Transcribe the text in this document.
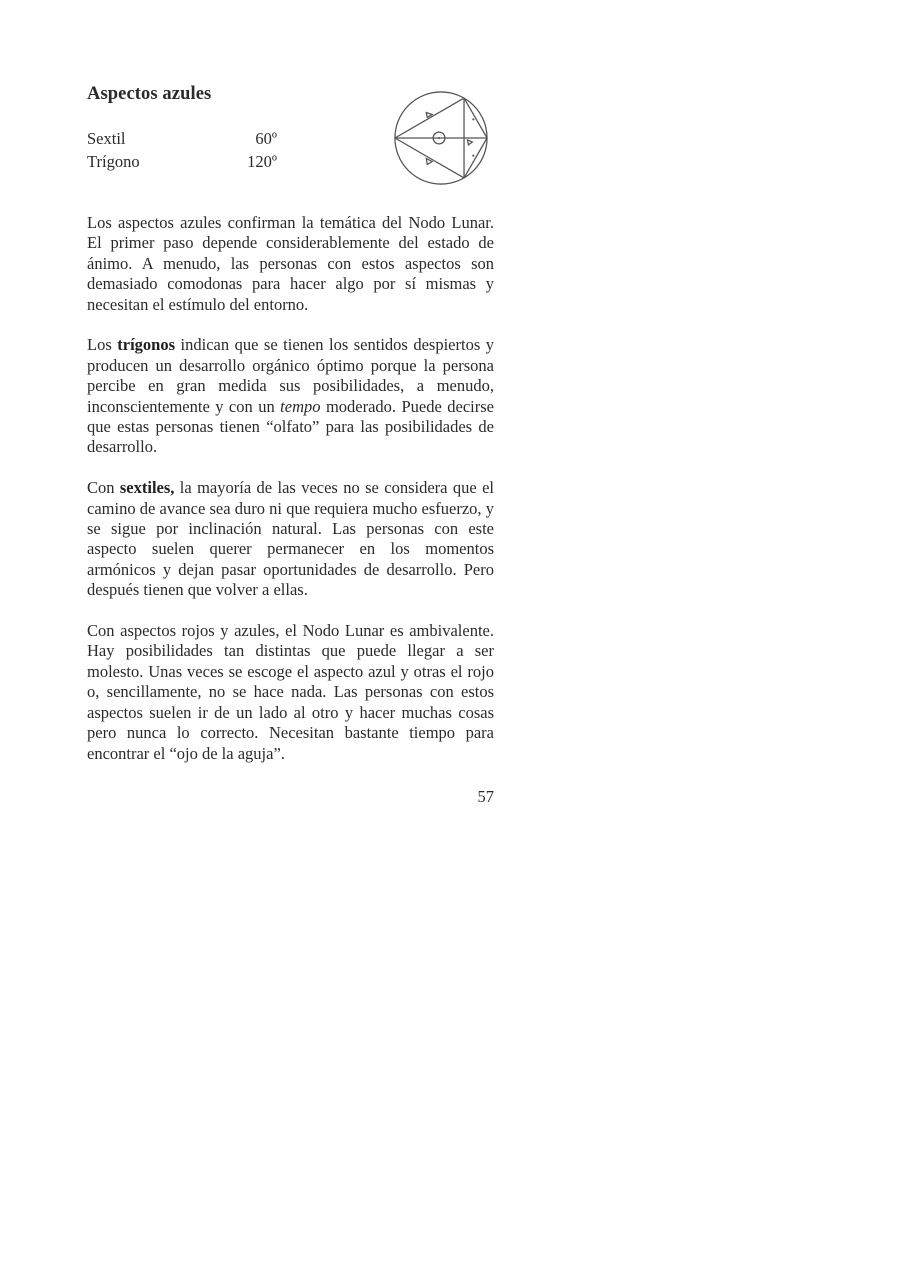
Aspectos azules
Sextil	60º
Trígono	120º

Los aspectos azules confirman la temática del Nodo Lunar. El primer paso depende considerablemente del estado de ánimo. A menudo, las personas con estos aspectos son demasiado comodonas para hacer algo por sí mismas y necesitan el estímulo del entorno.

Los trígonos indican que se tienen los sentidos despiertos y producen un desarrollo orgánico óptimo porque la persona percibe en gran medida sus posibilidades, a menudo, inconscientemente y con un tempo moderado. Puede decirse que estas personas tienen “olfato” para las posibilidades de desarrollo.

Con sextiles, la mayoría de las veces no se considera que el camino de avance sea duro ni que requiera mucho esfuerzo, y se sigue por inclinación natural. Las personas con este aspecto suelen querer permanecer en los momentos armónicos y dejan pasar oportunidades de desarrollo. Pero después tienen que volver a ellas.

Con aspectos rojos y azules, el Nodo Lunar es ambivalente. Hay posibilidades tan distintas que puede llegar a ser molesto. Unas veces se escoge el aspecto azul y otras el rojo o, sencillamente, no se hace nada. Las personas con estos aspectos suelen ir de un lado al otro y hacer muchas cosas pero nunca lo correcto. Necesitan bastante tiempo para encontrar el “ojo de la aguja”.

57
